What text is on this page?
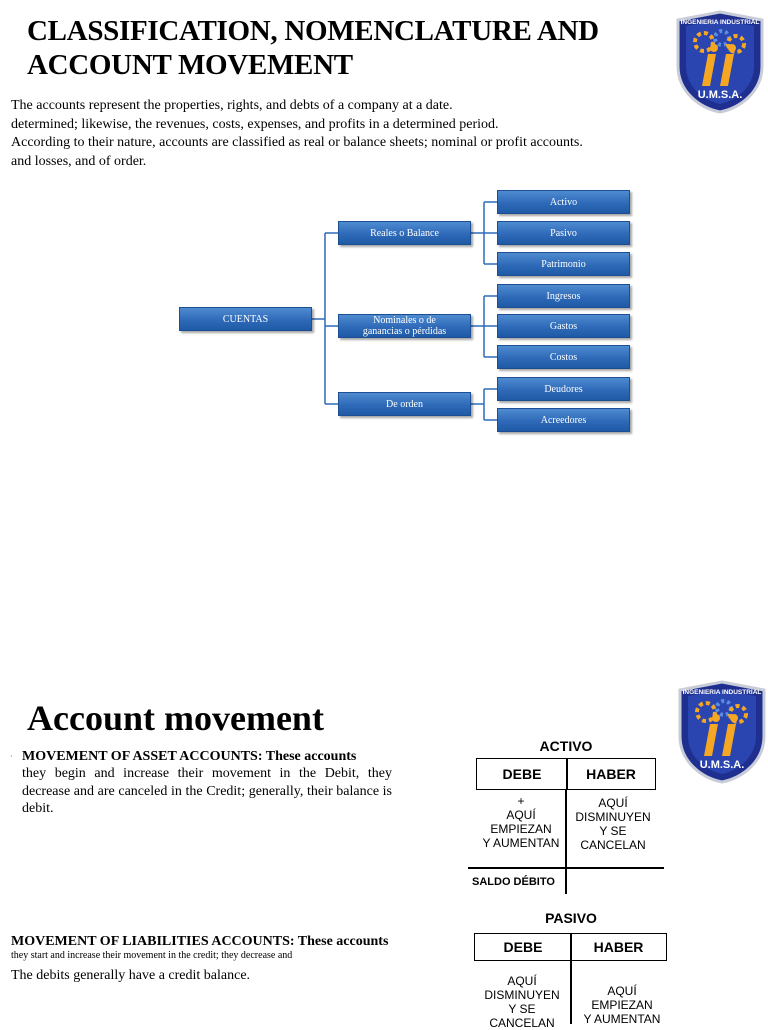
CLASSIFICATION, NOMENCLATURE AND
ACCOUNT MOVEMENT
INGENIERIA INDUSTRIAL
U.M.S.A.

The accounts represent the properties, rights, and debts of a company at a date.

determined; likewise, the revenues, costs, expenses, and profits in a determined period.

According to their nature, accounts are classified as real or balance sheets; nominal or profit accounts.

and losses, and of order.

CUENTAS
Reales o Balance
Nominales o de
ganancias o pérdidas
De orden
Activo
Pasivo
Patrimonio
Ingresos
Gastos
Costos
Deudores
Acreedores
Account movement
INGENIERIA INDUSTRIAL
U.M.S.A.
· MOVEMENT OF ASSET ACCOUNTS: These accounts
they begin and increase their movement in the Debit, they decrease and are canceled in the Credit; generally, their balance is debit.
MOVEMENT OF LIABILITIES ACCOUNTS: These accounts
they start and increase their movement in the credit; they decrease and
The debits generally have a credit balance.
ACTIVO
DEBE	HABER
+
AQUÍ
EMPIEZAN
Y AUMENTAN
AQUÍ
DISMINUYEN
Y SE
CANCELAN
SALDO DÉBITO
PASIVO
DEBE	HABER
AQUÍ
DISMINUYEN
Y SE
CANCELAN
AQUÍ
EMPIEZAN
Y AUMENTAN
